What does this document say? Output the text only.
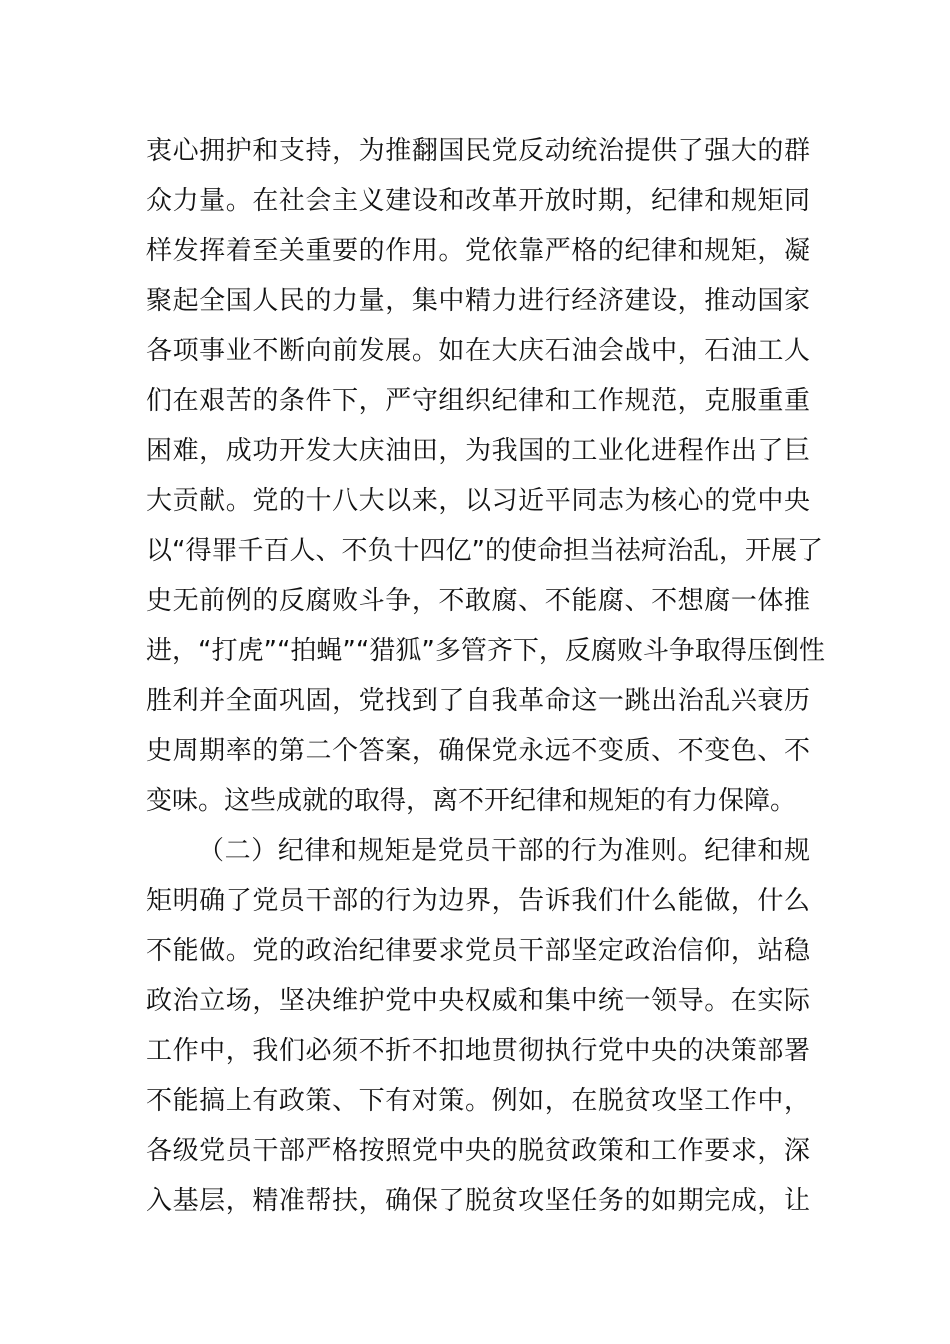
衷心拥护和支持，为推翻国民党反动统治提供了强大的群
众力量。在社会主义建设和改革开放时期，纪律和规矩同
样发挥着至关重要的作用。党依靠严格的纪律和规矩，凝
聚起全国人民的力量，集中精力进行经济建设，推动国家
各项事业不断向前发展。如在大庆石油会战中，石油工人
们在艰苦的条件下，严守组织纪律和工作规范，克服重重
困难，成功开发大庆油田，为我国的工业化进程作出了巨
大贡献。党的十八大以来，以习近平同志为核心的党中央
以“得罪千百人、不负十四亿”的使命担当祛疴治乱，开展了
史无前例的反腐败斗争，不敢腐、不能腐、不想腐一体推
进，“打虎”“拍蝇”“猎狐”多管齐下，反腐败斗争取得压倒性
胜利并全面巩固，党找到了自我革命这一跳出治乱兴衰历
史周期率的第二个答案，确保党永远不变质、不变色、不
变味。这些成就的取得，离不开纪律和规矩的有力保障。
（二）纪律和规矩是党员干部的行为准则。纪律和规
矩明确了党员干部的行为边界，告诉我们什么能做，什么
不能做。党的政治纪律要求党员干部坚定政治信仰，站稳
政治立场，坚决维护党中央权威和集中统一领导。在实际
工作中，我们必须不折不扣地贯彻执行党中央的决策部署
不能搞上有政策、下有对策。例如，在脱贫攻坚工作中，
各级党员干部严格按照党中央的脱贫政策和工作要求，深
入基层，精准帮扶，确保了脱贫攻坚任务的如期完成，让
